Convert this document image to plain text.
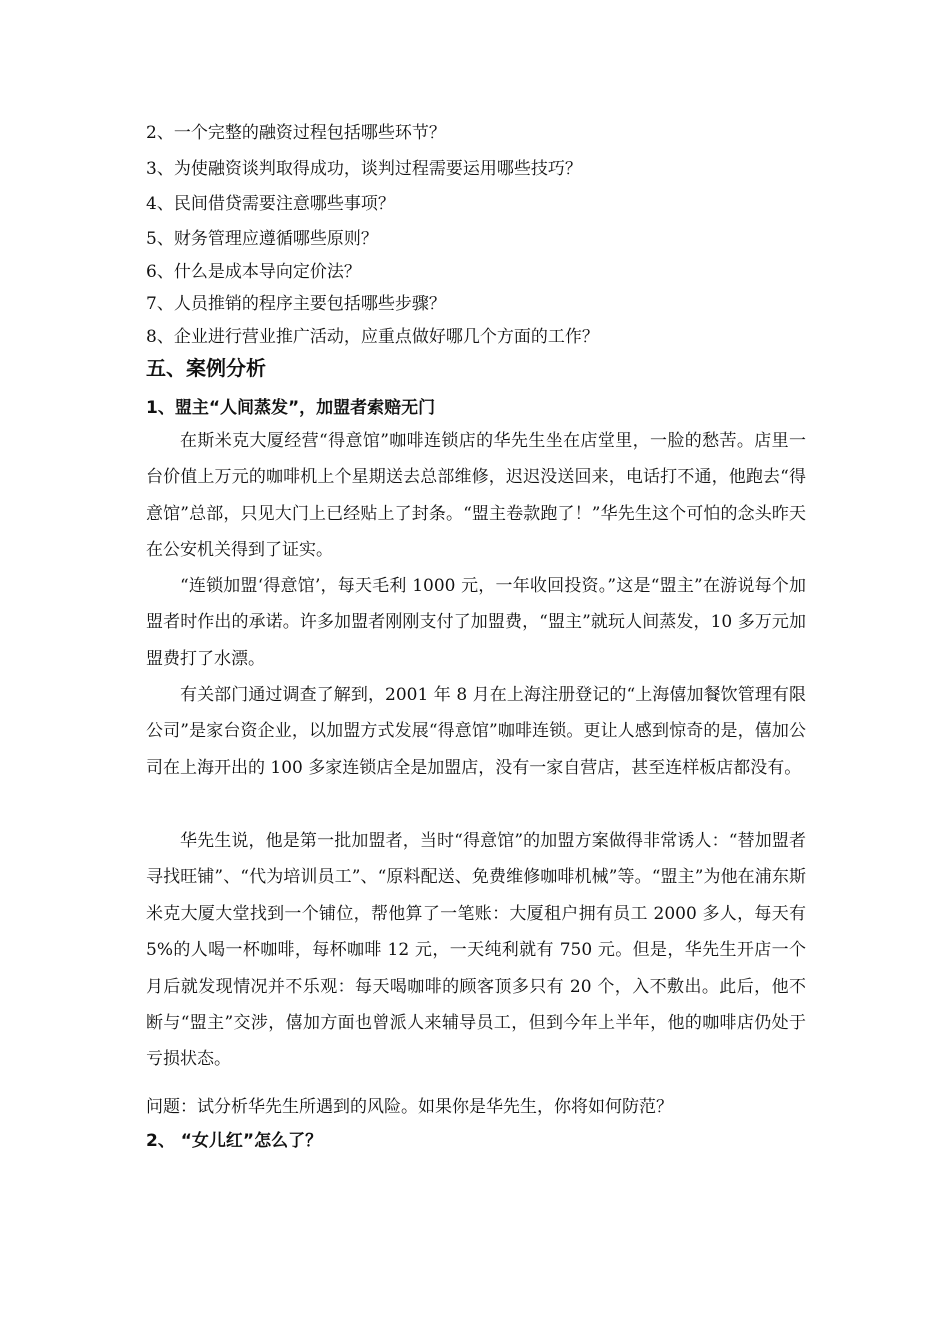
2、一个完整的融资过程包括哪些环节？
3、为使融资谈判取得成功，谈判过程需要运用哪些技巧？
4、民间借贷需要注意哪些事项？
5、财务管理应遵循哪些原则？
6、什么是成本导向定价法？
7、人员推销的程序主要包括哪些步骤？
8、企业进行营业推广活动，应重点做好哪几个方面的工作？
五、案例分析
1、盟主“人间蒸发”，加盟者索赔无门

在斯米克大厦经营“得意馆”咖啡连锁店的华先生坐在店堂里，一脸的愁苦。店里一台价值上万元的咖啡机上个星期送去总部维修，迟迟没送回来，电话打不通，他跑去“得意馆”总部，只见大门上已经贴上了封条。“盟主卷款跑了！”华先生这个可怕的念头昨天在公安机关得到了证实。

“连锁加盟‘得意馆’，每天毛利 1000 元，一年收回投资。”这是“盟主”在游说每个加盟者时作出的承诺。许多加盟者刚刚支付了加盟费，“盟主”就玩人间蒸发，10 多万元加盟费打了水漂。

有关部门通过调查了解到，2001 年 8 月在上海注册登记的“上海僖加餐饮管理有限公司”是家台资企业，以加盟方式发展“得意馆”咖啡连锁。更让人感到惊奇的是，僖加公司在上海开出的 100 多家连锁店全是加盟店，没有一家自营店，甚至连样板店都没有。

华先生说，他是第一批加盟者，当时“得意馆”的加盟方案做得非常诱人：“替加盟者寻找旺铺”、“代为培训员工”、“原料配送、免费维修咖啡机械”等。“盟主”为他在浦东斯米克大厦大堂找到一个铺位，帮他算了一笔账：大厦租户拥有员工 2000 多人，每天有 5%的人喝一杯咖啡，每杯咖啡 12 元，一天纯利就有 750 元。但是，华先生开店一个月后就发现情况并不乐观：每天喝咖啡的顾客顶多只有 20 个，入不敷出。此后，他不断与“盟主”交涉，僖加方面也曾派人来辅导员工，但到今年上半年，他的咖啡店仍处于亏损状态。

问题：试分析华先生所遇到的风险。如果你是华先生，你将如何防范？
2、 “女儿红”怎么了？
